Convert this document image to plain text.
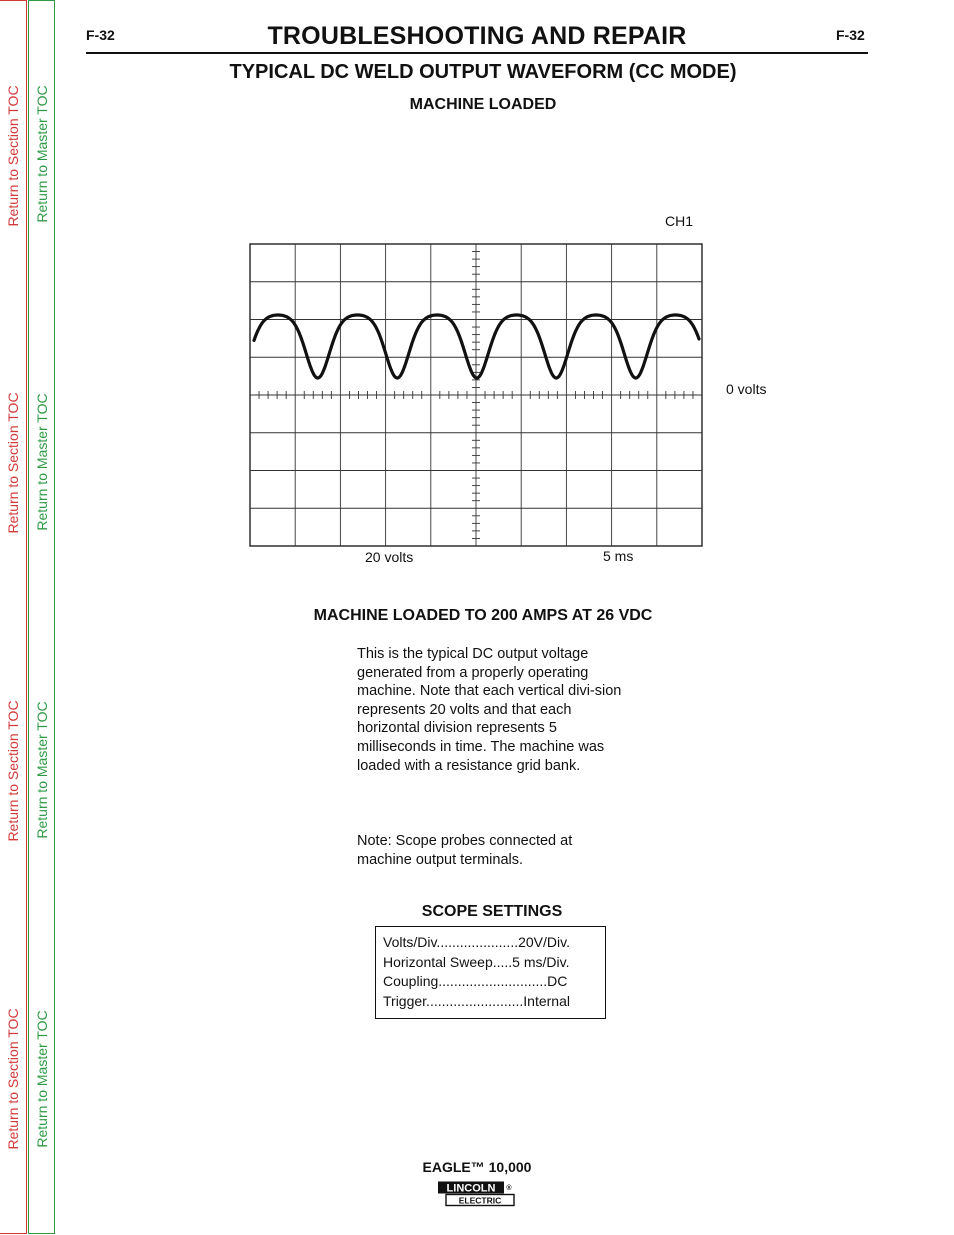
Return to Section TOC
Return to Section TOC
Return to Section TOC
Return to Section TOC
Return to Master TOC
Return to Master TOC
Return to Master TOC
Return to Master TOC
F-32	F-32
TROUBLESHOOTING AND REPAIR
TYPICAL DC WELD OUTPUT WAVEFORM (CC MODE)
MACHINE LOADED
CH1
0 volts
20 volts	5 ms
MACHINE LOADED TO 200 AMPS AT 26 VDC

This is the typical DC output voltage generated from a properly operating machine. Note that each vertical divi-sion represents 20 volts and that each horizontal division represents 5 milliseconds in time. The machine was loaded with a resistance grid bank.

Note: Scope probes connected at machine output terminals.

SCOPE SETTINGS
Volts/Div.....................20V/Div.
Horizontal Sweep.....5 ms/Div.
Coupling............................DC
Trigger.........................Internal
EAGLE™ 10,000
LINCOLN
ELECTRIC
®
